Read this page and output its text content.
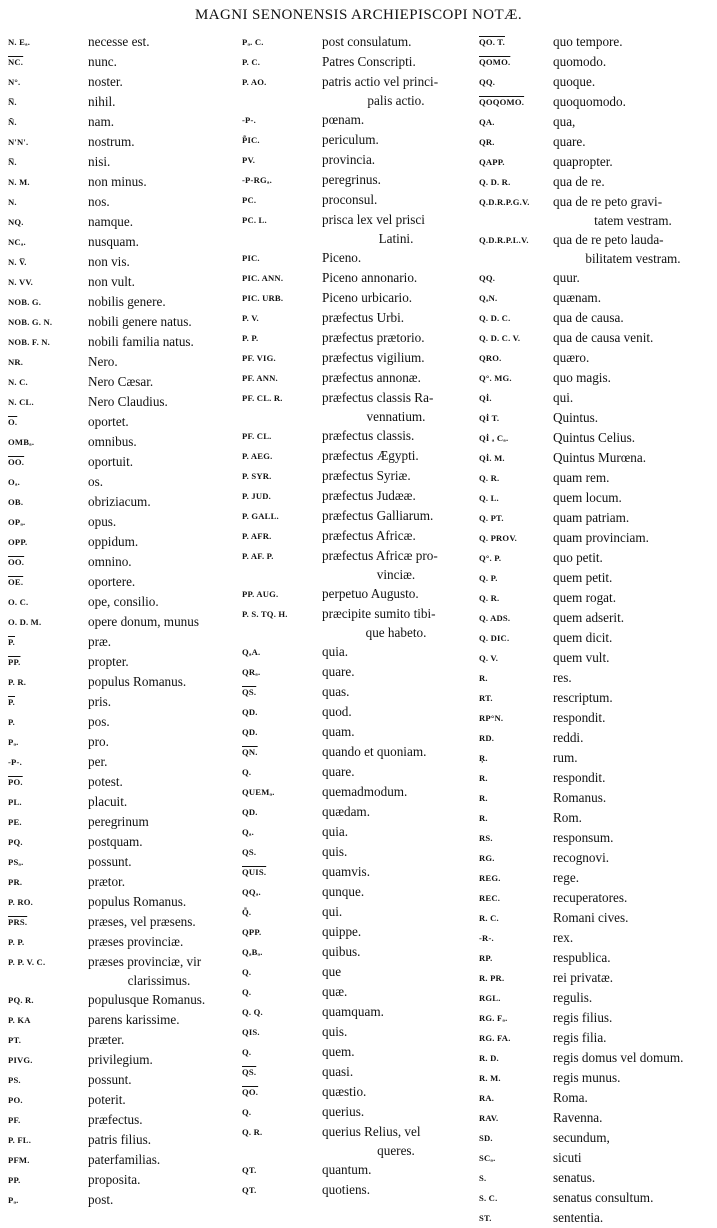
MAGNI SENONENSIS ARCHIEPISCOPI NOTÆ.
N. Eₐ.	necesse est.
NC.	nunc.
N°.	noster.
N̅.	nihil.
Ñ.	nam.
N'N'.	nostrum.
N̅.	nisi.
N. M.	non minus.
N.	nos.
NQ.	namque.
NCₐ.	nusquam.
N. V̅.	non vis.
N. VV.	non vult.
NOB. G.	nobilis genere.
NOB. G. N.	nobili genere natus.
NOB. F. N.	nobili familia natus.
NR.	Nero.
N. C.	Nero Cæsar.
N. CL.	Nero Claudius.
O.	oportet.
OMBₐ.	omnibus.
OO.	oportuit.
Oₐ.	os.
OB.	obriziacum.
OPₐ.	opus.
OPP.	oppidum.
OO.	omnino.
OE.	oportere.
O. C.	ope, consilio.
O. D. M.	opere donum, munus
P.	præ.
PP.	propter.
P. R.	populus Romanus.
P.	pris.
P.	pos.
Pₐ.	pro.
-P-.	per.
PO.	potest.
PL.	placuit.
PE.	peregrinum
PQ.	postquam.
PSₐ.	possunt.
PR.	prætor.
P. RO.	populus Romanus.
PRS.	præses, vel præsens.
P. P.	præses provinciæ.
P. P. V. C.	præses provinciæ, vir
clarissimus.
PQ. R.	populusque Romanus.
P. KA	parens karissime.
PT.	præter.
PIVG.	privilegium.
PS.	possunt.
PO.	poterit.
PF.	præfectus.
P. FL.	patris filius.
PFM.	paterfamilias.
PP.	proposita.
Pₐ.	post.
Pₐ. C.	post consulatum.
P. C.	Patres Conscripti.
P. AO.	patris actio vel princi-
palis actio.
-P-.	pœnam.
P̃IC.	periculum.
PV.	provincia.
-P-RGₐ.	peregrinus.
PC.	proconsul.
PC. L.	prisca lex vel prisci
Latini.
PIC.	Piceno.
PIC. ANN.	Piceno annonario.
PIC. URB.	Piceno urbicario.
P. V.	præfectus Urbi.
P. P.	præfectus prætorio.
PF. VIG.	præfectus vigilium.
PF. ANN.	præfectus annonæ.
PF. CL. R.	præfectus classis Ra-
vennatium.
PF. CL.	præfectus classis.
P. AEG.	præfectus Ægypti.
P. SYR.	præfectus Syriæ.
P. JUD.	præfectus Judææ.
P. GALL.	præfectus Galliarum.
P. AFR.	præfectus Africæ.
P. AF. P.	præfectus Africæ pro-
vinciæ.
PP. AUG.	perpetuo Augusto.
P. S. TQ. H.	præcipite sumito tibi-
que habeto.
QₐA.	quia.
QRₐ.	quare.
QS.	quas.
QD.	quod.
QD.	quam.
QN.	quando et quoniam.
Q.	quare.
QUEMₐ.	quemadmodum.
QD.	quædam.
Qₐ.	quia.
QS.	quis.
QUIS.	quamvis.
QQₐ.	qunque.
Q̃.	qui.
QPP.	quippe.
QₐBₐ.	quibus.
Q.	que
Q.	quæ.
Q. Q.	quamquam.
QIS.	quis.
Q.	quem.
QS.	quasi.
QO.	quæstio.
Q.	querius.
Q. R.	querius Relius, vel
queres.
QT.	quantum.
QT.	quotiens.
QO. T.	quo tempore.
QOMO.	quomodo.
QQ.	quoque.
QOQOMO.	quoquomodo.
QA.	qua,
QR.	quare.
QAPP.	quapropter.
Q. D. R.	qua de re.
Q.D.R.P.G.V.	qua de re peto gravi-
tatem vestram.
Q.D.R.P.L.V.	qua de re peto lauda-
bilitatem vestram.
QQ.	quur.
QₐN.	quænam.
Q. D. C.	qua de causa.
Q. D. C. V.	qua de causa venit.
QRO.	quæro.
Q°. MG.	quo magis.
Qİ.	qui.
Qİ T.	Quintus.
Qİ ₐ Cₐ.	Quintus Celius.
Qİ. M.	Quintus Murœna.
Q. R.	quam rem.
Q. L.	quem locum.
Q. PT.	quam patriam.
Q. PROV.	quam provinciam.
Q°. P.	quo petit.
Q. P.	quem petit.
Q. R.	quem rogat.
Q. ADS.	quem adserit.
Q. DIC.	quem dicit.
Q. V.	quem vult.
R.	res.
RT.	rescriptum.
RP°N.	respondit.
RD.	reddi.
Ŗ.	rum.
R.	respondit.
R.	Romanus.
R.	Rom.
RS.	responsum.
RG.	recognovi.
REG.	rege.
REC.	recuperatores.
R. C.	Romani cives.
-R-.	rex.
RP.	respublica.
R. PR.	rei privatæ.
RGL.	regulis.
RG. Fₐ.	regis filius.
RG. FA.	regis filia.
R. D.	regis domus vel domum.
R. M.	regis munus.
RA.	Roma.
RAV.	Ravenna.
SD.	secundum,
SCₐ.	sicuti
S.	senatus.
S. C.	senatus consultum.
ST.	sententia.
